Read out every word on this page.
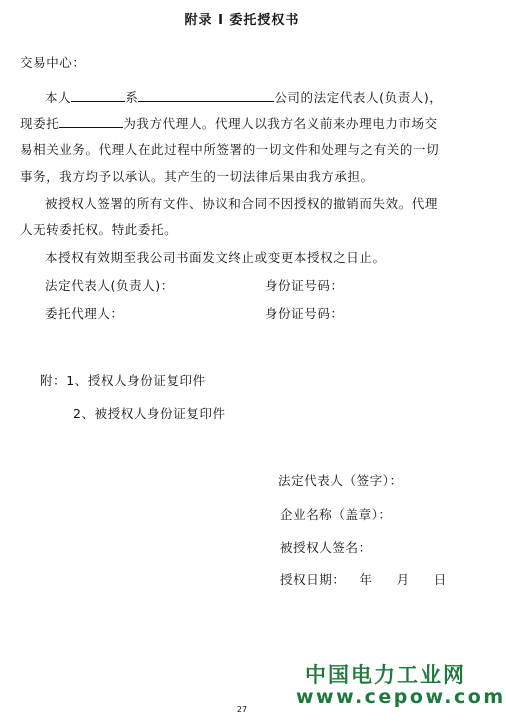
附录 I 委托授权书
交易中心：
本人	系	公司的法定代表人(负责人)，
现委托	为我方代理人。代理人以我方名义前来办理电力市场交
易相关业务。代理人在此过程中所签署的一切文件和处理与之有关的一切
事务，我方均予以承认。其产生的一切法律后果由我方承担。
被授权人签署的所有文件、协议和合同不因授权的撤销而失效。代理
人无转委托权。特此委托。
本授权有效期至我公司书面发文终止或变更本授权之日止。
法定代表人(负责人)：	身份证号码：
委托代理人：	身份证号码：
附：1、授权人身份证复印件
2、被授权人身份证复印件
法定代表人（签字）：
企业名称（盖章）：
被授权人签名：
授权日期： 年 月 日
中国电力工业网
www.cepow.com
27
